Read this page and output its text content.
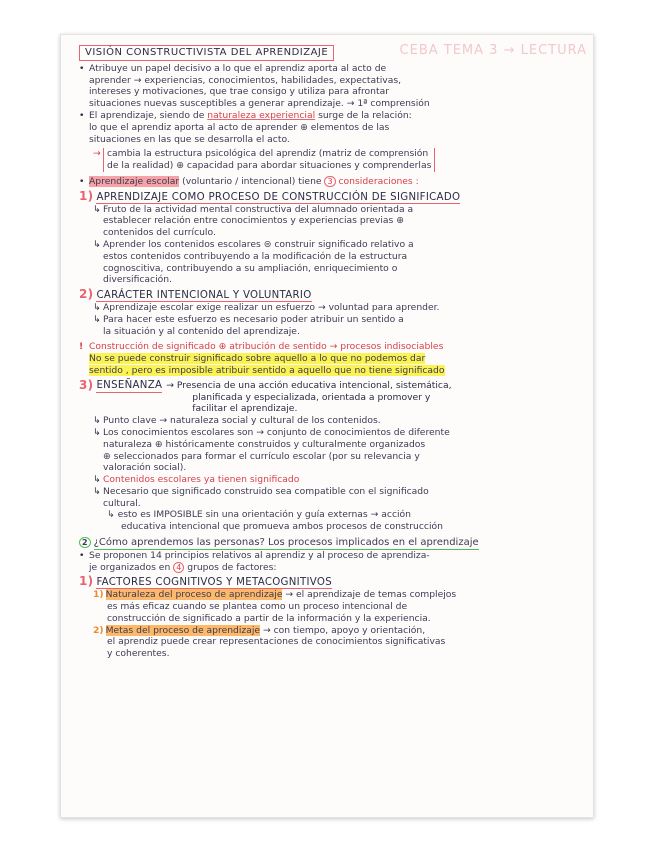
CEBA TEMA 3 → LECTURA
VISIÓN CONSTRUCTIVISTA DEL APRENDIZAJE
• Atribuye un papel decisivo a lo que el aprendiz aporta al acto de

aprender → experiencias, conocimientos, habilidades, expectativas,

intereses y motivaciones, que trae consigo y utiliza para afrontar

situaciones nuevas susceptibles a generar aprendizaje. → 1ª comprensión

• El aprendizaje, siendo de naturaleza experiencial surge de la relación:

lo que el aprendiz aporta al acto de aprender ⊕ elementos de las

situaciones en las que se desarrolla el acto.

→ cambia la estructura psicológica del aprendiz (matriz de comprensión

de la realidad) ⊕ capacidad para abordar situaciones y comprenderlas

• Aprendizaje escolar (voluntario / intencional) tiene 3 consideraciones :

1) APRENDIZAJE COMO PROCESO DE CONSTRUCCIÓN DE SIGNIFICADO
↳ Fruto de la actividad mental constructiva del alumnado orientada a

establecer relación entre conocimientos y experiencias previas ⊕

contenidos del currículo.

↳ Aprender los contenidos escolares ⊜ construir significado relativo a

estos contenidos contribuyendo a la modificación de la estructura

cognoscitiva, contribuyendo a su ampliación, enriquecimiento o

diversificación.

2) CARÁCTER INTENCIONAL Y VOLUNTARIO
↳ Aprendizaje escolar exige realizar un esfuerzo → voluntad para aprender.

↳ Para hacer este esfuerzo es necesario poder atribuir un sentido a

la situación y al contenido del aprendizaje.

! Construcción de significado ⊕ atribución de sentido → procesos indisociables

No se puede construir significado sobre aquello a lo que no podemos dar

sentido , pero es imposible atribuir sentido a aquello que no tiene significado

3) ENSEÑANZA → Presencia de una acción educativa intencional, sistemática,

planificada y especializada, orientada a promover y

facilitar el aprendizaje.

↳ Punto clave → naturaleza social y cultural de los contenidos.

↳ Los conocimientos escolares son → conjunto de conocimientos de diferente

naturaleza ⊕ históricamente construidos y culturalmente organizados

⊕ seleccionados para formar el currículo escolar (por su relevancia y

valoración social).

↳ Contenidos escolares ya tienen significado

↳ Necesario que significado construido sea compatible con el significado

cultural.

↳ esto es IMPOSIBLE sin una orientación y guía externas → acción

educativa intencional que promueva ambos procesos de construcción

2 ¿Cómo aprendemos las personas? Los procesos implicados en el aprendizaje
• Se proponen 14 principios relativos al aprendiz y al proceso de aprendiza-

je organizados en 4 grupos de factores:

1) FACTORES COGNITIVOS Y METACOGNITIVOS

1) Naturaleza del proceso de aprendizaje → el aprendizaje de temas complejos

es más eficaz cuando se plantea como un proceso intencional de

construcción de significado a partir de la información y la experiencia.

2) Metas del proceso de aprendizaje → con tiempo, apoyo y orientación,

el aprendiz puede crear representaciones de conocimientos significativas

y coherentes.
